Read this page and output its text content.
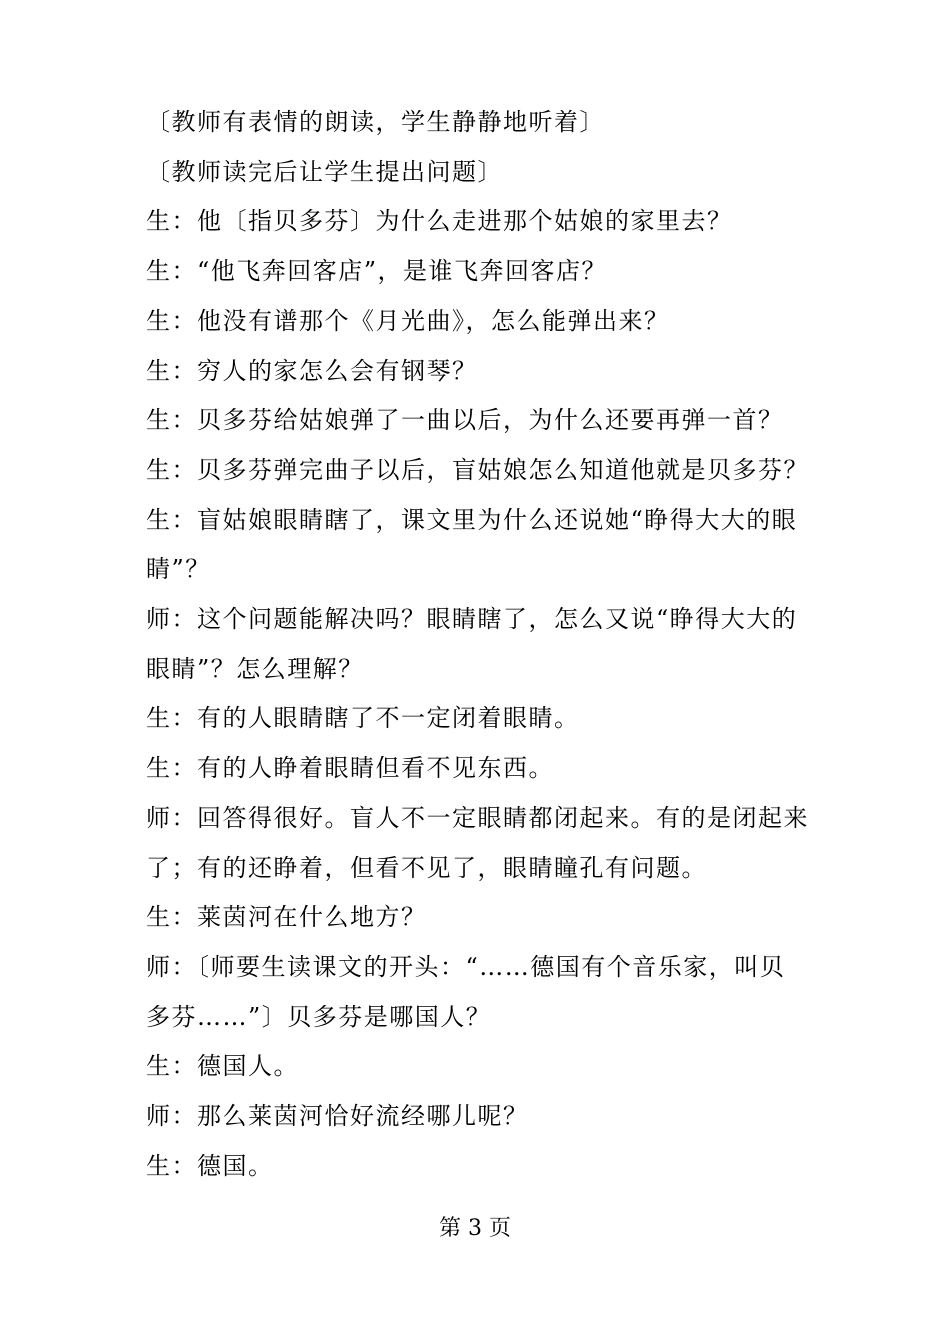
〔教师有表情的朗读，学生静静地听着〕

〔教师读完后让学生提出问题〕

生：他〔指贝多芬〕为什么走进那个姑娘的家里去？

生：“他飞奔回客店”，是谁飞奔回客店？

生：他没有谱那个《月光曲》，怎么能弹出来？

生：穷人的家怎么会有钢琴？

生：贝多芬给姑娘弹了一曲以后，为什么还要再弹一首？

生：贝多芬弹完曲子以后，盲姑娘怎么知道他就是贝多芬？

生：盲姑娘眼睛瞎了，课文里为什么还说她“睁得大大的眼

睛”？

师：这个问题能解决吗？眼睛瞎了，怎么又说“睁得大大的

眼睛”？怎么理解？

生：有的人眼睛瞎了不一定闭着眼睛。

生：有的人睁着眼睛但看不见东西。

师：回答得很好。盲人不一定眼睛都闭起来。有的是闭起来

了；有的还睁着，但看不见了，眼睛瞳孔有问题。

生：莱茵河在什么地方？

师：〔师要生读课文的开头：“……德国有个音乐家，叫贝

多芬……”〕贝多芬是哪国人？

生：德国人。

师：那么莱茵河恰好流经哪儿呢？

生：德国。

第 3 页
